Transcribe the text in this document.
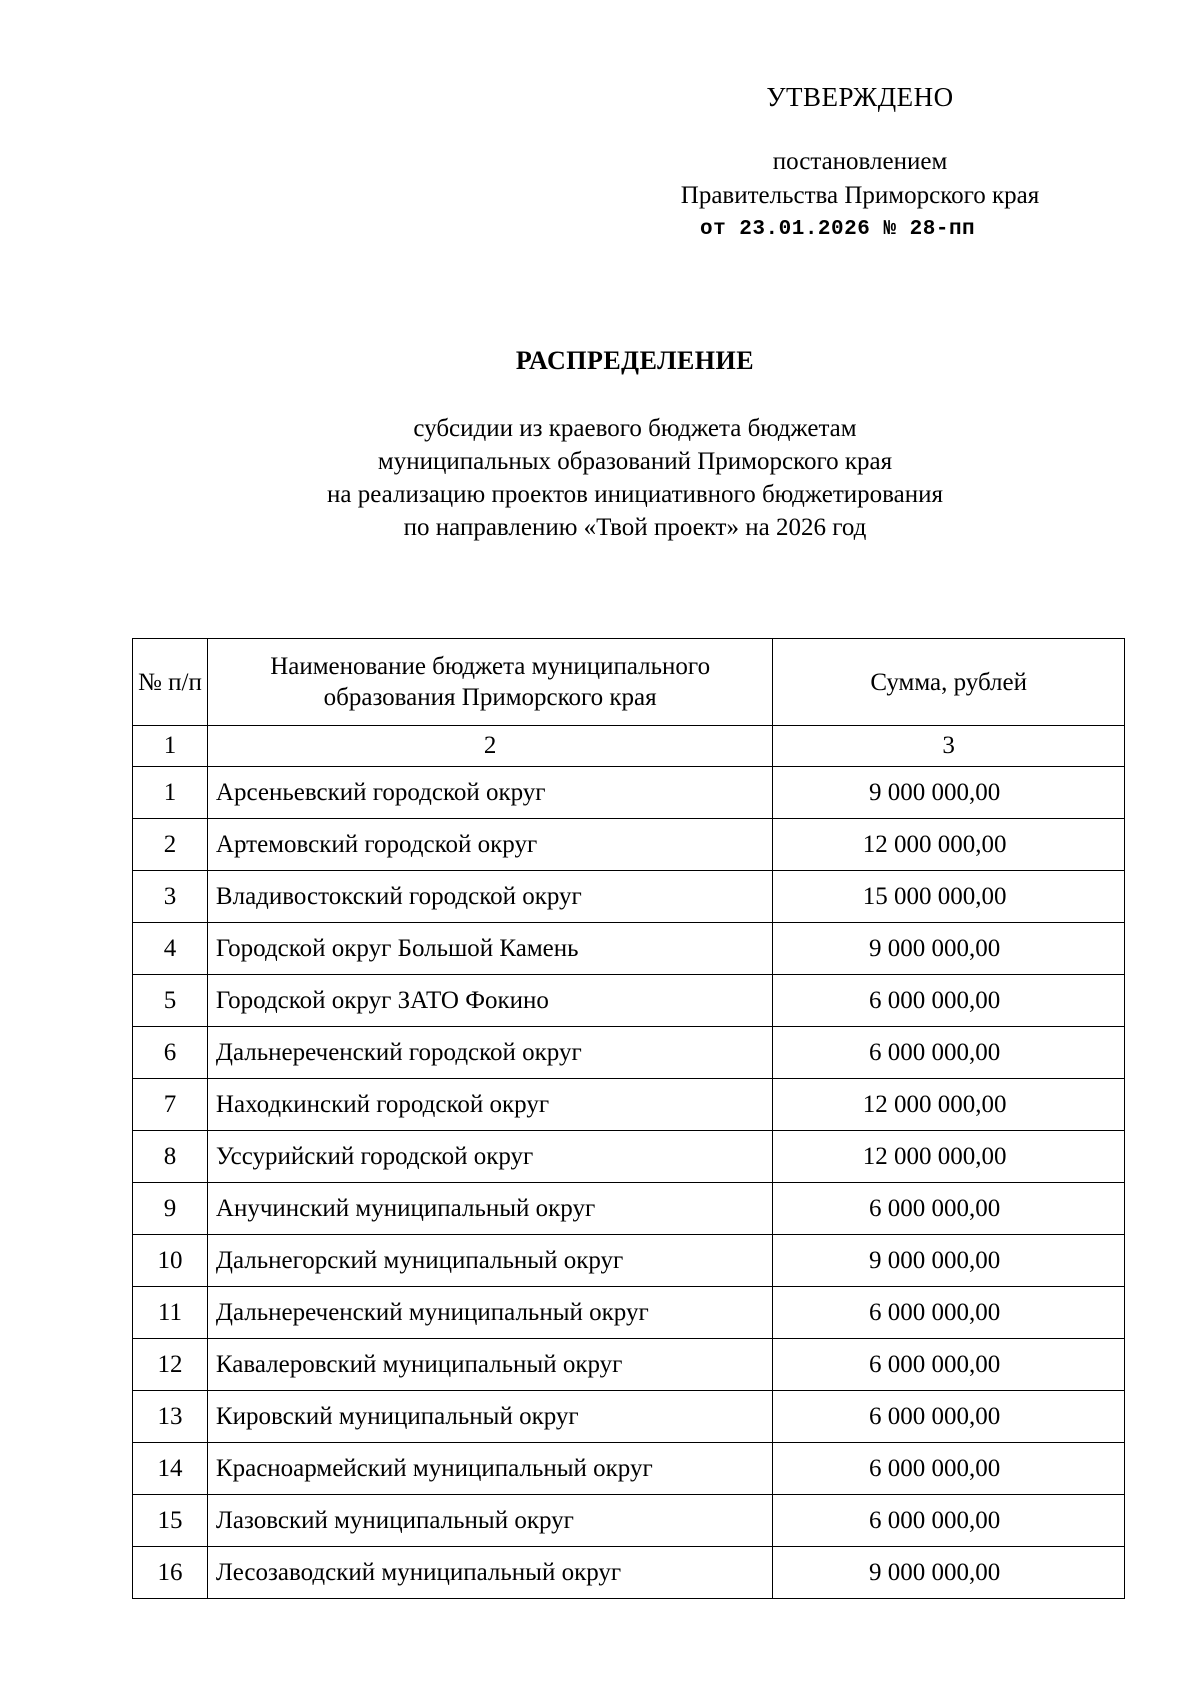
УТВЕРЖДЕНО
постановлением
Правительства Приморского края
от 23.01.2026 № 28-пп
РАСПРЕДЕЛЕНИЕ
субсидии из краевого бюджета бюджетам
муниципальных образований Приморского края
на реализацию проектов инициативного бюджетирования
по направлению «Твой проект» на 2026 год
№ п/п	Наименование бюджета муниципального образования Приморского края	Сумма, рублей
1	2	3
1	Арсеньевский городской округ	9 000 000,00
2	Артемовский городской округ	12 000 000,00
3	Владивостокский городской округ	15 000 000,00
4	Городской округ Большой Камень	9 000 000,00
5	Городской округ ЗАТО Фокино	6 000 000,00
6	Дальнереченский городской округ	6 000 000,00
7	Находкинский городской округ	12 000 000,00
8	Уссурийский городской округ	12 000 000,00
9	Анучинский муниципальный округ	6 000 000,00
10	Дальнегорский муниципальный округ	9 000 000,00
11	Дальнереченский муниципальный округ	6 000 000,00
12	Кавалеровский муниципальный округ	6 000 000,00
13	Кировский муниципальный округ	6 000 000,00
14	Красноармейский муниципальный округ	6 000 000,00
15	Лазовский муниципальный округ	6 000 000,00
16	Лесозаводский муниципальный округ	9 000 000,00
